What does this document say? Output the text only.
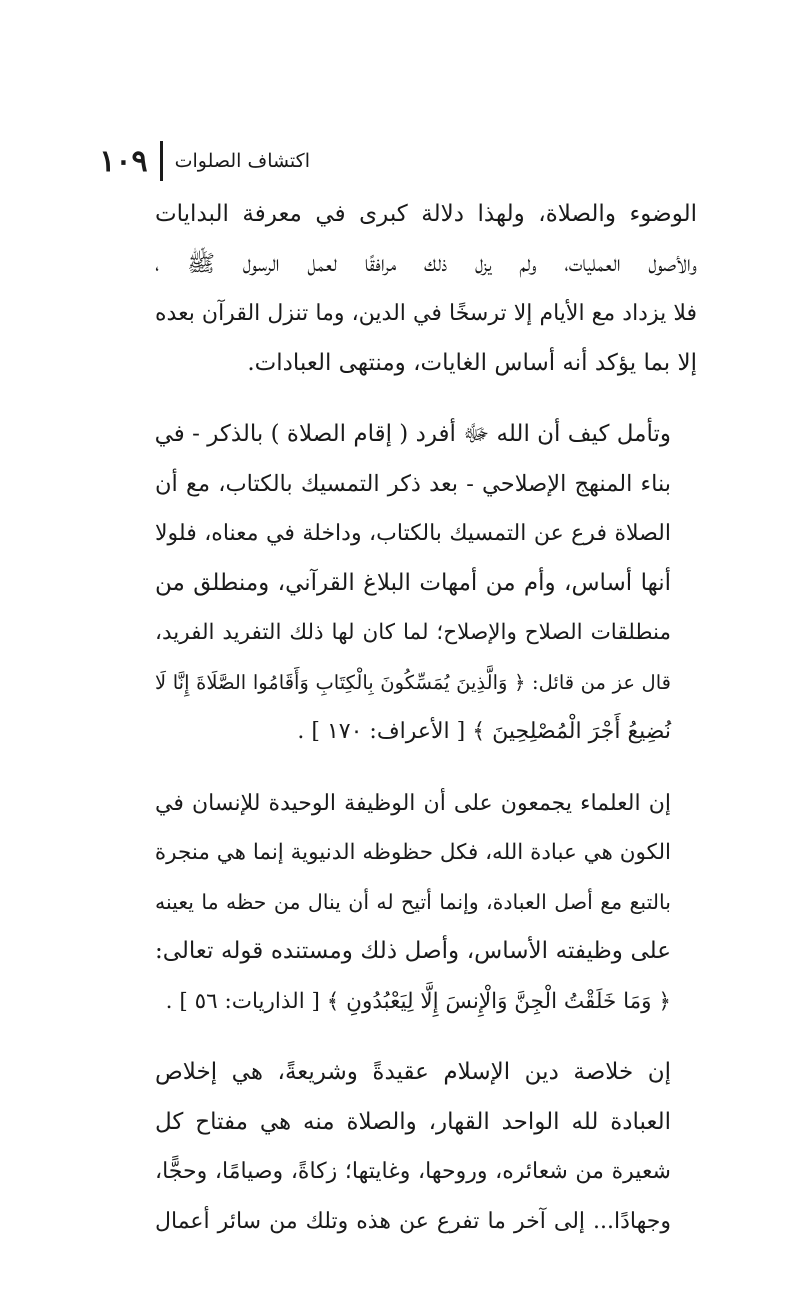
١٠٩ اكتشاف الصلوات

الوضوء والصلاة، ولهذا دلالة كبرى في معرفة البدايات
والأصول العمليات، ولم يزل ذلك مرافقًا لعمل الرسول ﷺ ،
فلا يزداد مع الأيام إلا ترسخًا في الدين، وما تنزل القرآن بعده
إلا بما يؤكد أنه أساس الغايات، ومنتهى العبادات.

وتأمل كيف أن الله ﷻ أفرد ( إقام الصلاة ) بالذكر - في
بناء المنهج الإصلاحي - بعد ذكر التمسيك بالكتاب، مع أن
الصلاة فرع عن التمسيك بالكتاب، وداخلة في معناه، فلولا
أنها أساس، وأم من أمهات البلاغ القرآني، ومنطلق من
منطلقات الصلاح والإصلاح؛ لما كان لها ذلك التفريد الفريد،
قال عز من قائل: ﴿ وَالَّذِينَ يُمَسِّكُونَ بِالْكِتَابِ وَأَقَامُوا الصَّلَاةَ إِنَّا لَا
نُضِيعُ أَجْرَ الْمُصْلِحِينَ ﴾ [ الأعراف: ١٧٠ ] .

إن العلماء يجمعون على أن الوظيفة الوحيدة للإنسان في
الكون هي عبادة الله، فكل حظوظه الدنيوية إنما هي منجرة
بالتبع مع أصل العبادة، وإنما أتيح له أن ينال من حظه ما يعينه
على وظيفته الأساس، وأصل ذلك ومستنده قوله تعالى:
﴿ وَمَا خَلَقْتُ الْجِنَّ وَالْإِنسَ إِلَّا لِيَعْبُدُونِ ﴾ [ الذاريات: ٥٦ ] .

إن خلاصة دين الإسلام عقيدةً وشريعةً، هي إخلاص
العبادة لله الواحد القهار، والصلاة منه هي مفتاح كل
شعيرة من شعائره، وروحها، وغايتها؛ زكاةً، وصيامًا، وحجًّا،
وجهادًا... إلى آخر ما تفرع عن هذه وتلك من سائر أعمال
